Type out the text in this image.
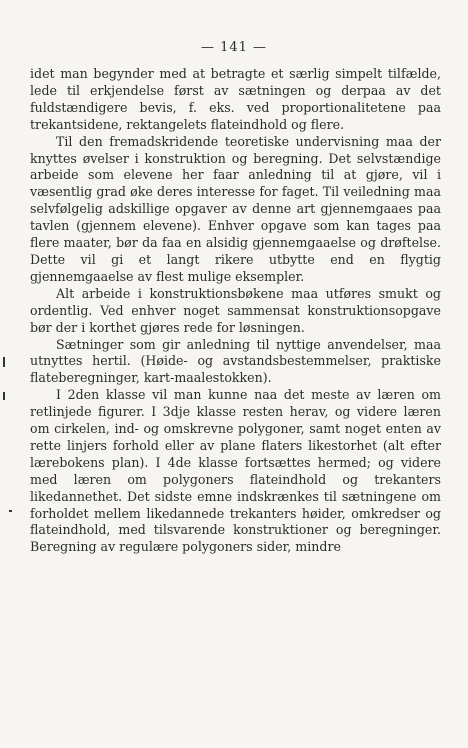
— 141 —

idet man begynder med at betragte et særlig simpelt tilfælde, lede til erkjendelse først av sætningen og derpaa av det fuldstændigere bevis, f. eks. ved proportionalitetene paa trekantsidene, rektangelets flateindhold og flere.

Til den fremadskridende teoretiske undervisning maa der knyttes øvelser i konstruktion og beregning. Det selvstændige arbeide som elevene her faar anledning til at gjøre, vil i væsentlig grad øke deres interesse for faget. Til veiledning maa selvfølgelig adskillige opgaver av denne art gjennemgaaes paa tavlen (gjennem elevene). Enhver opgave som kan tages paa flere maater, bør da faa en alsidig gjennemgaaelse og drøftelse. Dette vil gi et langt rikere utbytte end en flygtig gjennemgaaelse av flest mulige eksempler.

Alt arbeide i konstruktionsbøkene maa utføres smukt og ordentlig. Ved enhver noget sammensat konstruktionsopgave bør der i korthet gjøres rede for løsningen.

Sætninger som gir anledning til nyttige anvendelser, maa utnyttes hertil. (Høide- og avstandsbestemmelser, praktiske flateberegninger, kart-maalestokken).

I 2den klasse vil man kunne naa det meste av læren om retlinjede figurer. I 3dje klasse resten herav, og videre læren om cirkelen, ind- og omskrevne polygoner, samt noget enten av rette linjers forhold eller av plane flaters likestorhet (alt efter lærebokens plan). I 4de klasse fortsættes hermed; og videre med læren om polygoners flateindhold og trekanters likedannethet. Det sidste emne indskrænkes til sætningene om forholdet mellem likedannede trekanters høider, omkredser og flateindhold, med tilsvarende konstruktioner og beregninger. Beregning av regulære polygoners sider, mindre
